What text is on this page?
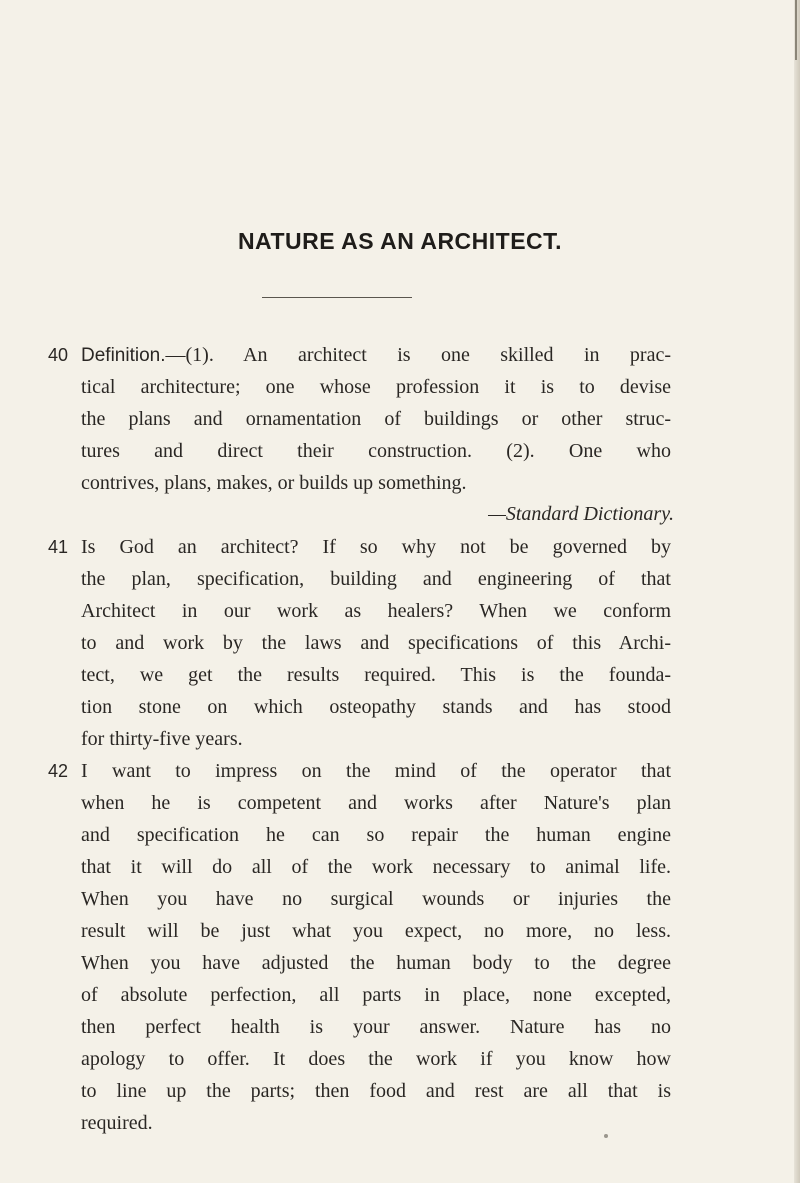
NATURE AS AN ARCHITECT.
40 Definition.—(1). An architect is one skilled in prac-
tical architecture; one whose profession it is to devise
the plans and ornamentation of buildings or other struc-
tures and direct their construction. (2). One who
contrives, plans, makes, or builds up something.
—Standard Dictionary.
41 Is God an architect? If so why not be governed by
the plan, specification, building and engineering of that
Architect in our work as healers? When we conform
to and work by the laws and specifications of this Archi-
tect, we get the results required. This is the founda-
tion stone on which osteopathy stands and has stood
for thirty-five years.
42 I want to impress on the mind of the operator that
when he is competent and works after Nature's plan
and specification he can so repair the human engine
that it will do all of the work necessary to animal life.
When you have no surgical wounds or injuries the
result will be just what you expect, no more, no less.
When you have adjusted the human body to the degree
of absolute perfection, all parts in place, none excepted,
then perfect health is your answer. Nature has no
apology to offer. It does the work if you know how
to line up the parts; then food and rest are all that is
required.
